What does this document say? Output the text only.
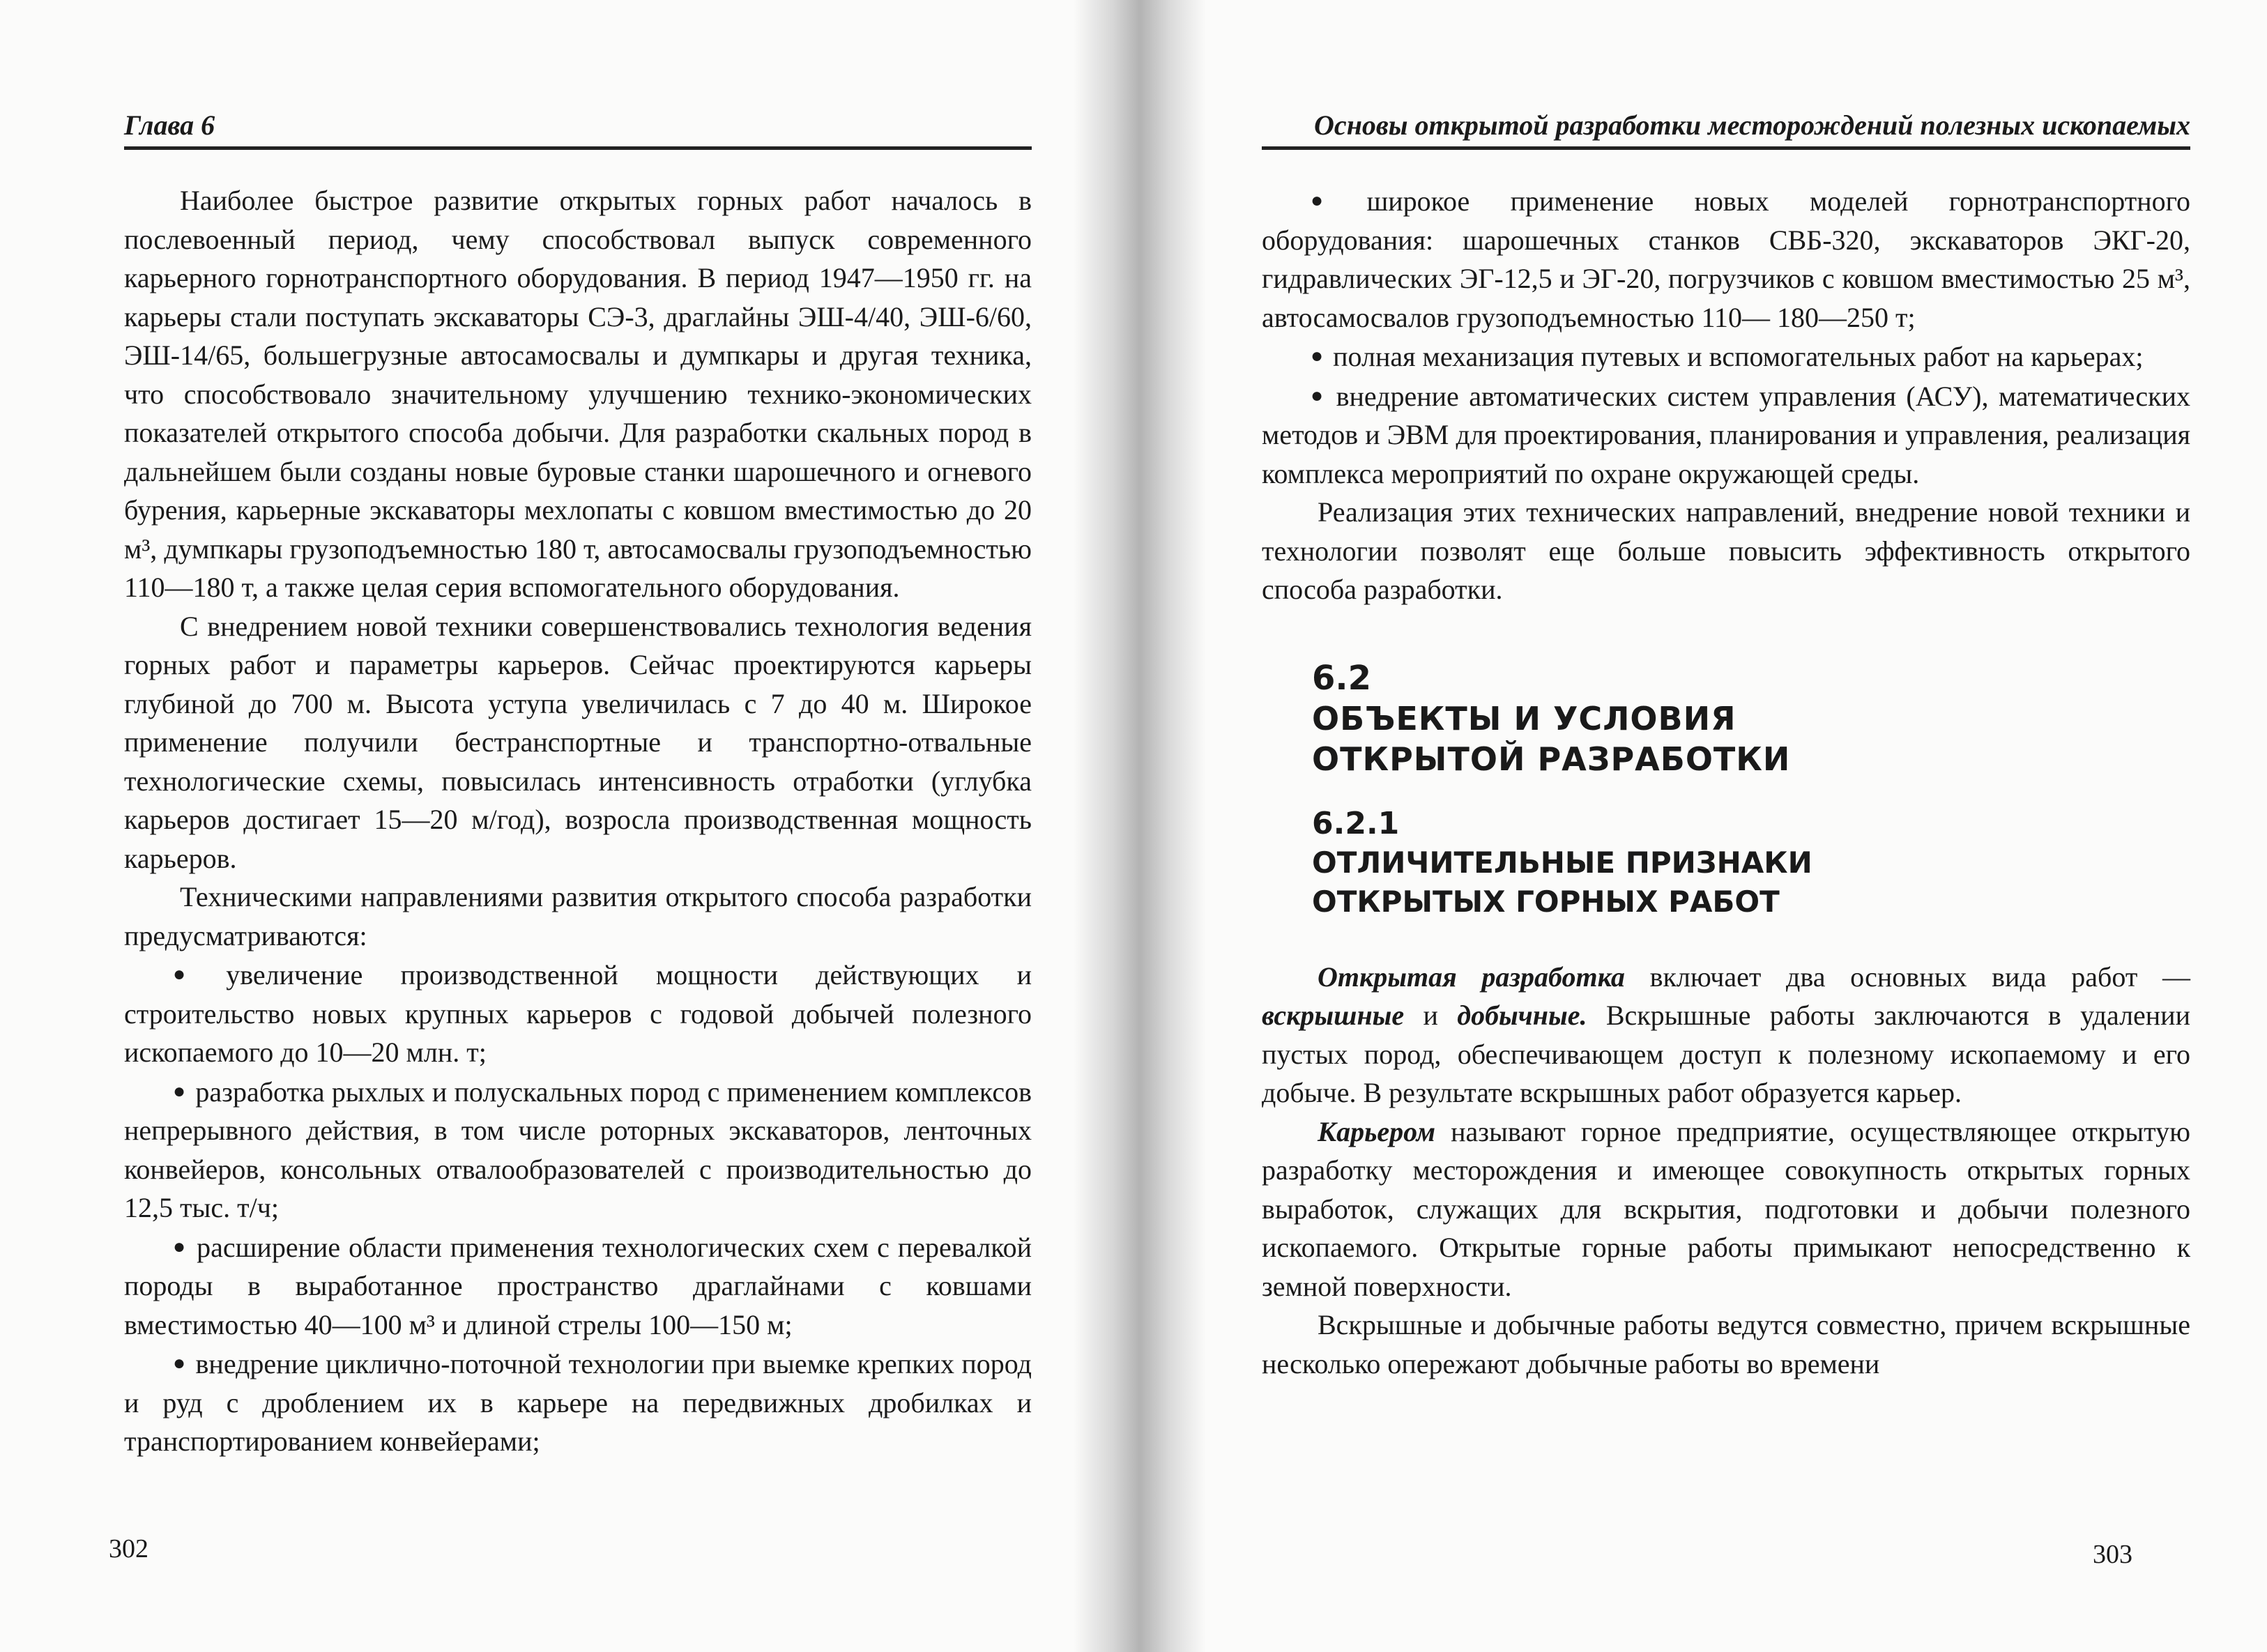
Глава 6

Наиболее быстрое развитие открытых горных работ началось в послевоенный период, чему способствовал выпуск современного карьерного горнотранспортного оборудования. В период 1947—1950 гг. на карьеры стали поступать экскаваторы СЭ-3, драглайны ЭШ-4/40, ЭШ-6/60, ЭШ-14/65, большегрузные автосамосвалы и думпкары и другая техника, что способствовало значительному улучшению технико-экономических показателей открытого способа добычи. Для разработки скальных пород в дальнейшем были созданы новые буровые станки шарошечного и огневого бурения, карьерные экскаваторы мехлопаты с ковшом вместимостью до 20 м³, думпкары грузоподъемностью 180 т, автосамосвалы грузоподъемностью 110—180 т, а также целая серия вспомогательного оборудования.

С внедрением новой техники совершенствовались технология ведения горных работ и параметры карьеров. Сейчас проектируются карьеры глубиной до 700 м. Высота уступа увеличилась с 7 до 40 м. Широкое применение получили бестранспортные и транспортно-отвальные технологические схемы, повысилась интенсивность отработки (углубка карьеров достигает 15—20 м/год), возросла производственная мощность карьеров.

Техническими направлениями развития открытого способа разработки предусматриваются:

● увеличение производственной мощности действующих и строительство новых крупных карьеров с годовой добычей полезного ископаемого до 10—20 млн. т;

● разработка рыхлых и полускальных пород с применением комплексов непрерывного действия, в том числе роторных экскаваторов, ленточных конвейеров, консольных отвалообразователей с производительностью до 12,5 тыс. т/ч;

● расширение области применения технологических схем с перевалкой породы в выработанное пространство драглайнами с ковшами вместимостью 40—100 м³ и длиной стрелы 100—150 м;

● внедрение циклично-поточной технологии при выемке крепких пород и руд с дроблением их в карьере на передвижных дробилках и транспортированием конвейерами;

302
Основы открытой разработки месторождений полезных ископаемых

● широкое применение новых моделей горнотранспортного оборудования: шарошечных станков СВБ-320, экскаваторов ЭКГ-20, гидравлических ЭГ-12,5 и ЭГ-20, погрузчиков с ковшом вместимостью 25 м³, автосамосвалов грузоподъемностью 110— 180—250 т;

● полная механизация путевых и вспомогательных работ на карьерах;

● внедрение автоматических систем управления (АСУ), математических методов и ЭВМ для проектирования, планирования и управления, реализация комплекса мероприятий по охране окружающей среды.

Реализация этих технических направлений, внедрение новой техники и технологии позволят еще больше повысить эффективность открытого способа разработки.

6.2
ОБЪЕКТЫ И УСЛОВИЯ
ОТКРЫТОЙ РАЗРАБОТКИ
6.2.1
ОТЛИЧИТЕЛЬНЫЕ ПРИЗНАКИ
ОТКРЫТЫХ ГОРНЫХ РАБОТ

Открытая разработка включает два основных вида работ — вскрышные и добычные. Вскрышные работы заключаются в удалении пустых пород, обеспечивающем доступ к полезному ископаемому и его добыче. В результате вскрышных работ образуется карьер.

Карьером называют горное предприятие, осуществляющее открытую разработку месторождения и имеющее совокупность открытых горных выработок, служащих для вскрытия, подготовки и добычи полезного ископаемого. Открытые горные работы примыкают непосредственно к земной поверхности.

Вскрышные и добычные работы ведутся совместно, причем вскрышные несколько опережают добычные работы во времени

303
